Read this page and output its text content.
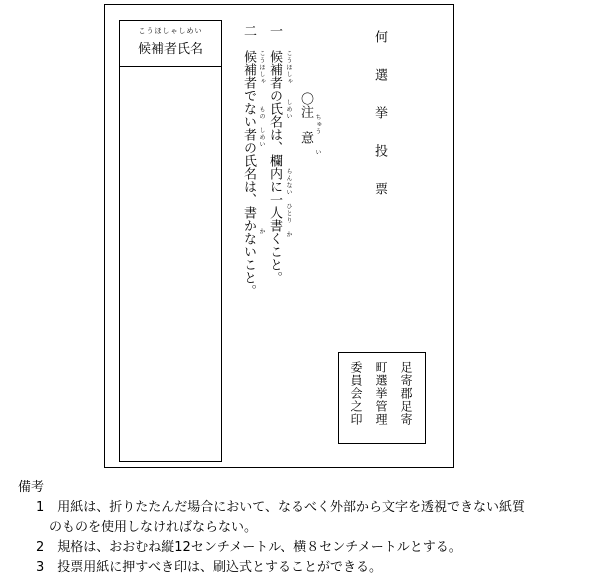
こうほしゃしめい
候補者氏名
二
候補者でない者の氏名は、書かないこと。 こうほしゃ　　　もの　しめい
か
一
候補者の氏名は、欄内に一人書くこと。 こうほしゃ　　しめい
らんない　ひとり　か
〇注　意 ちゅう　　い	何選挙投票
足寄郡足寄
町選挙管理
委員会之印

備考

1　用紙は、折りたたんだ場合において、なるべく外部から文字を透視できない紙質

　のものを使用しなければならない。

2　規格は、おおむね縦12センチメートル、横８センチメートルとする。

3　投票用紙に押すべき印は、刷込式とすることができる。
